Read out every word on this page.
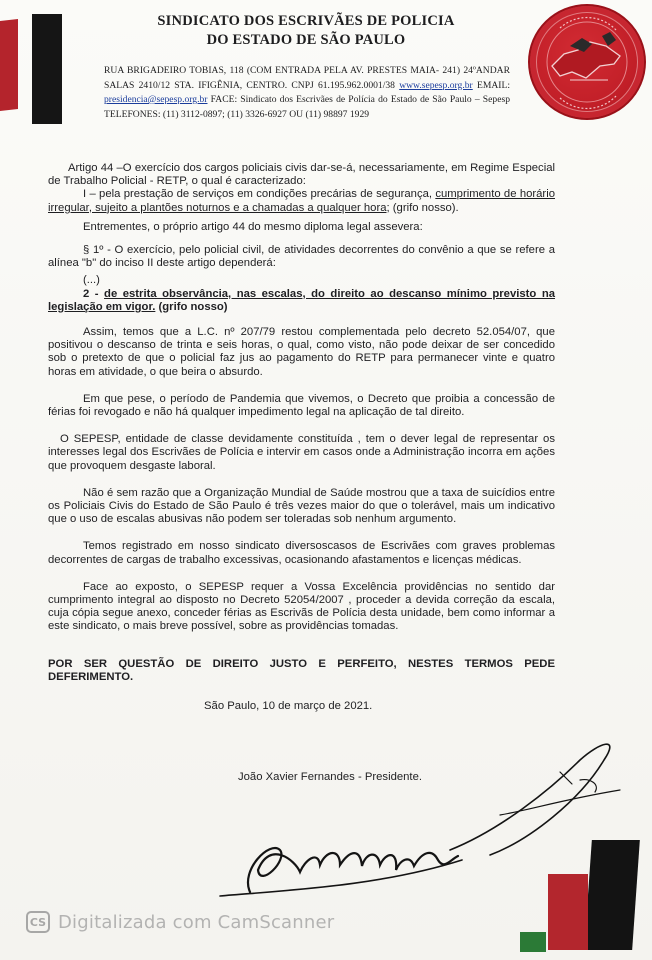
SINDICATO DOS ESCRIVÃES DE POLICIA
DO ESTADO DE SÃO PAULO
RUA BRIGADEIRO TOBIAS, 118 (COM ENTRADA PELA AV. PRESTES MAIA- 241) 24ºANDAR SALAS 2410/12 STA. IFIGÊNIA, CENTRO. CNPJ 61.195.962.0001/38 www.sepesp.org.br EMAIL: presidencia@sepesp.org.br FACE: Sindicato dos Escrivães de Polícia do Estado de São Paulo – Sepesp TELEFONES: (11) 3112-0897; (11) 3326-6927 OU (11) 98897 1929

Artigo 44 –O exercício dos cargos policiais civis dar-se-á, necessariamente, em Regime Especial de Trabalho Policial - RETP, o qual é caracterizado:

I – pela prestação de serviços em condições precárias de segurança, cumprimento de horário irregular, sujeito a plantões noturnos e a chamadas a qualquer hora; (grifo nosso).

Entrementes, o próprio artigo 44 do mesmo diploma legal assevera:

§ 1º - O exercício, pelo policial civil, de atividades decorrentes do convênio a que se refere a alínea "b" do inciso II deste artigo dependerá:

(...)

2 - de estrita observância, nas escalas, do direito ao descanso mínimo previsto na legislação em vigor. (grifo nosso)

Assim, temos que a L.C. nº 207/79 restou complementada pelo decreto 52.054/07, que positivou o descanso de trinta e seis horas, o qual, como visto, não pode deixar de ser concedido sob o pretexto de que o policial faz jus ao pagamento do RETP para permanecer vinte e quatro horas em atividade, o que beira o absurdo.

Em que pese, o período de Pandemia que vivemos, o Decreto que proibia a concessão de férias foi revogado e não há qualquer impedimento legal na aplicação de tal direito.

O SEPESP, entidade de classe devidamente constituída , tem o dever legal de representar os interesses legal dos Escrivães de Polícia e intervir em casos onde a Administração incorra em ações que provoquem desgaste laboral.

Não é sem razão que a Organização Mundial de Saúde mostrou que a taxa de suicídios entre os Policiais Civis do Estado de São Paulo é três vezes maior do que o tolerável, mais um indicativo que o uso de escalas abusivas não podem ser toleradas sob nenhum argumento.

Temos registrado em nosso sindicato diversoscasos de Escrivães com graves problemas decorrentes de cargas de trabalho excessivas, ocasionando afastamentos e licenças médicas.

Face ao exposto, o SEPESP requer a Vossa Excelência providências no sentido dar cumprimento integral ao disposto no Decreto 52054/2007 , proceder a devida correção da escala, cuja cópia segue anexo, conceder férias as Escrivãs de Polícia desta unidade, bem como informar a este sindicato, o mais breve possível, sobre as providências tomadas.

POR SER QUESTÃO DE DIREITO JUSTO E PERFEITO, NESTES TERMOS PEDE DEFERIMENTO.

São Paulo, 10 de março de 2021.

João Xavier Fernandes - Presidente.

CS Digitalizada com CamScanner
